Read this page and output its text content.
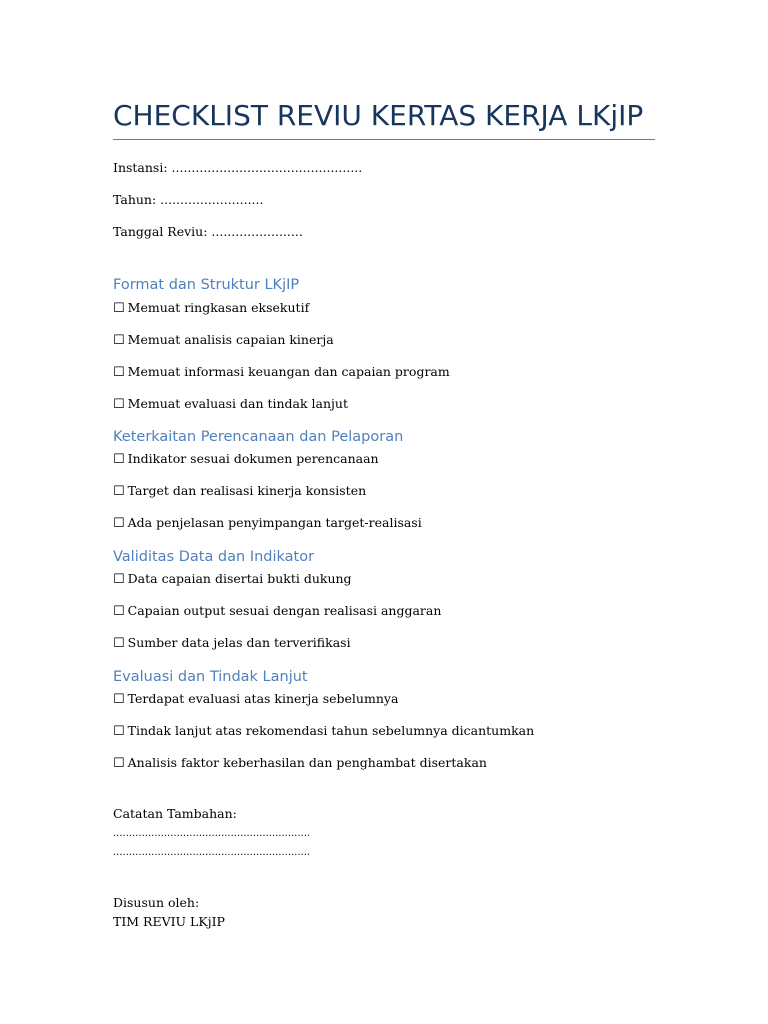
CHECKLIST REVIU KERTAS KERJA LKjIP
Instansi: ................................................
Tahun: ..........................
Tanggal Reviu: .......................
Format dan Struktur LKjIP
☐ Memuat ringkasan eksekutif
☐ Memuat analisis capaian kinerja
☐ Memuat informasi keuangan dan capaian program
☐ Memuat evaluasi dan tindak lanjut
Keterkaitan Perencanaan dan Pelaporan
☐ Indikator sesuai dokumen perencanaan
☐ Target dan realisasi kinerja konsisten
☐ Ada penjelasan penyimpangan target-realisasi
Validitas Data dan Indikator
☐ Data capaian disertai bukti dukung
☐ Capaian output sesuai dengan realisasi anggaran
☐ Sumber data jelas dan terverifikasi
Evaluasi dan Tindak Lanjut
☐ Terdapat evaluasi atas kinerja sebelumnya
☐ Tindak lanjut atas rekomendasi tahun sebelumnya dicantumkan
☐ Analisis faktor keberhasilan dan penghambat disertakan
Catatan Tambahan:
..............................................................
..............................................................
Disusun oleh:
TIM REVIU LKjIP
